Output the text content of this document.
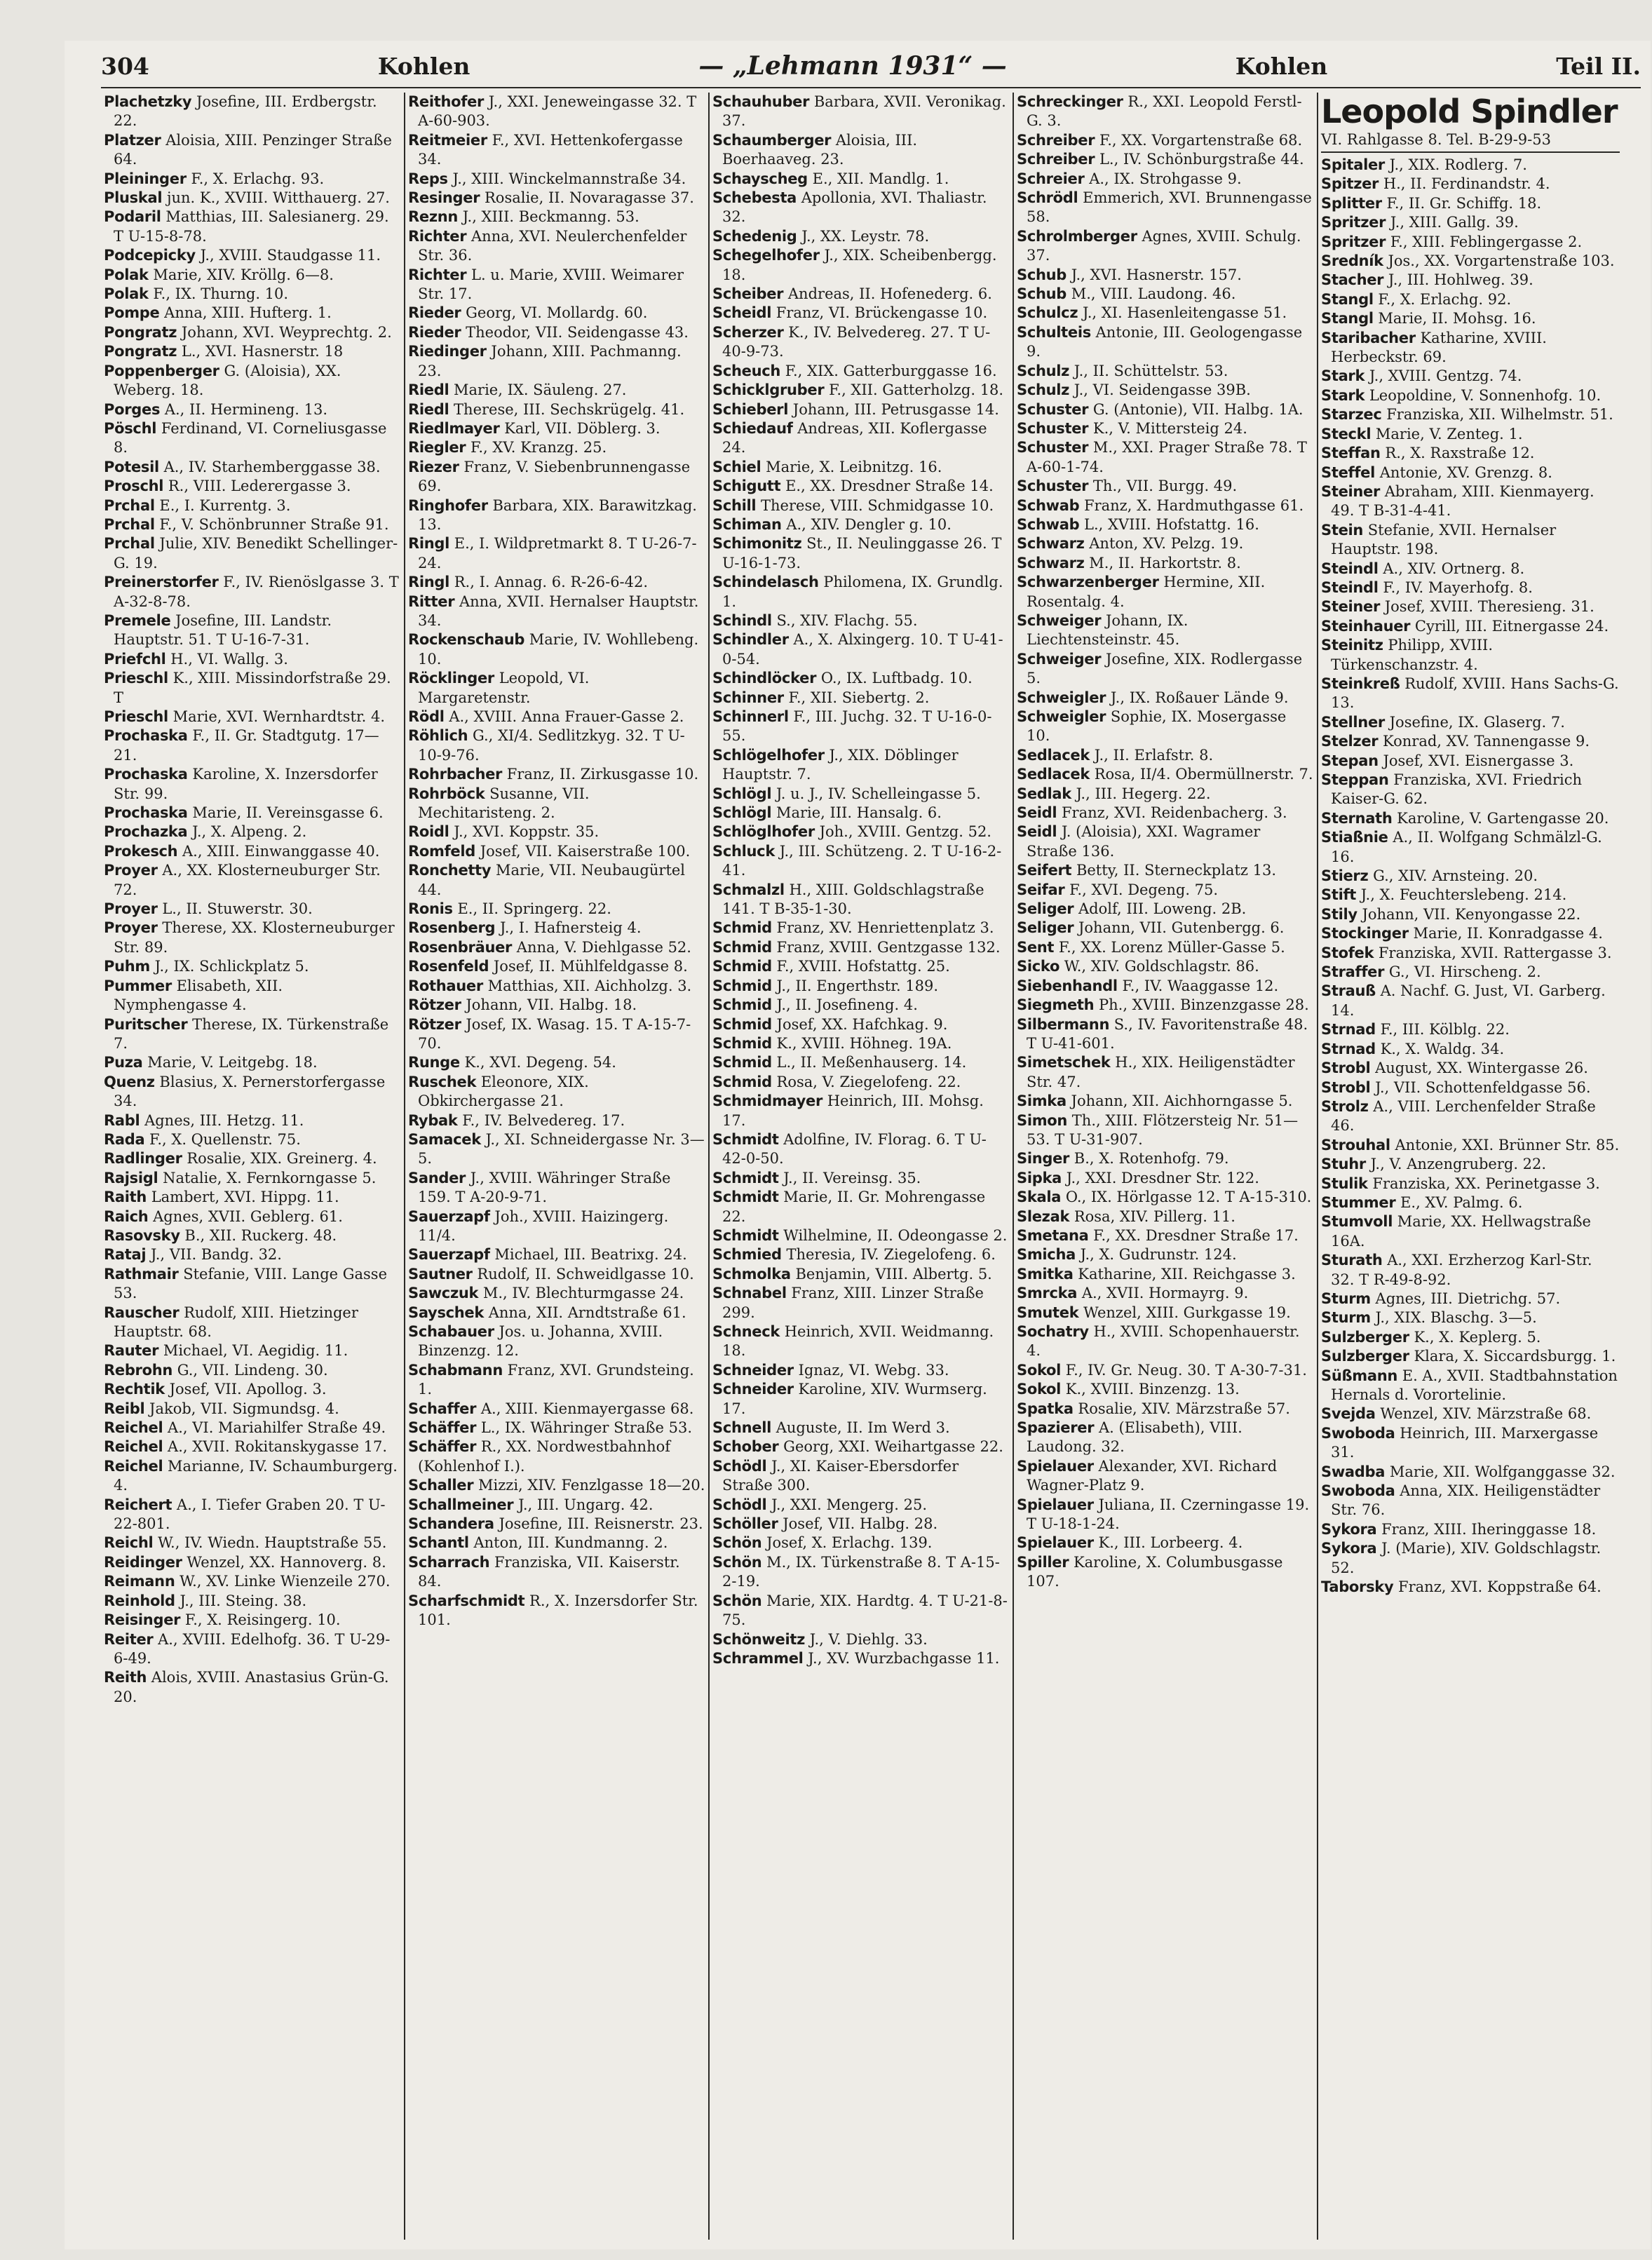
304	Kohlen	— „Lehmann 1931“ —	Kohlen	Teil II.

Plachetzky Josefine, III. Erdbergstr. 22.

Platzer Aloisia, XIII. Penzinger Straße 64.

Pleininger F., X. Erlachg. 93.

Pluskal jun. K., XVIII. Witthauerg. 27.

Podaril Matthias, III. Salesianerg. 29. T U-15-8-78.

Podcepicky J., XVIII. Staudgasse 11.

Polak Marie, XIV. Kröllg. 6—8.

Polak F., IX. Thurng. 10.

Pompe Anna, XIII. Hufterg. 1.

Pongratz Johann, XVI. Weyprechtg. 2.

Pongratz L., XVI. Hasnerstr. 18

Poppenberger G. (Aloisia), XX. Weberg. 18.

Porges A., II. Hermineng. 13.

Pöschl Ferdinand, VI. Corneliusgasse 8.

Potesil A., IV. Starhemberggasse 38.

Proschl R., VIII. Lederergasse 3.

Prchal E., I. Kurrentg. 3.

Prchal F., V. Schönbrunner Straße 91.

Prchal Julie, XIV. Benedikt Schellinger-G. 19.

Preinerstorfer F., IV. Rienöslgasse 3. T A-32-8-78.

Premele Josefine, III. Landstr. Hauptstr. 51. T U-16-7-31.

Priefchl H., VI. Wallg. 3.

Prieschl K., XIII. Missindorfstraße 29. T

Prieschl Marie, XVI. Wernhardtstr. 4.

Prochaska F., II. Gr. Stadtgutg. 17—21.

Prochaska Karoline, X. Inzersdorfer Str. 99.

Prochaska Marie, II. Vereinsgasse 6.

Prochazka J., X. Alpeng. 2.

Prokesch A., XIII. Einwanggasse 40.

Proyer A., XX. Klosterneuburger Str. 72.

Proyer L., II. Stuwerstr. 30.

Proyer Therese, XX. Klosterneuburger Str. 89.

Puhm J., IX. Schlickplatz 5.

Pummer Elisabeth, XII. Nymphengasse 4.

Puritscher Therese, IX. Türkenstraße 7.

Puza Marie, V. Leitgebg. 18.

Quenz Blasius, X. Pernerstorfergasse 34.

Rabl Agnes, III. Hetzg. 11.

Rada F., X. Quellenstr. 75.

Radlinger Rosalie, XIX. Greinerg. 4.

Rajsigl Natalie, X. Fernkorngasse 5.

Raith Lambert, XVI. Hippg. 11.

Raich Agnes, XVII. Geblerg. 61.

Rasovsky B., XII. Ruckerg. 48.

Rataj J., VII. Bandg. 32.

Rathmair Stefanie, VIII. Lange Gasse 53.

Rauscher Rudolf, XIII. Hietzinger Hauptstr. 68.

Rauter Michael, VI. Aegidig. 11.

Rebrohn G., VII. Lindeng. 30.

Rechtik Josef, VII. Apollog. 3.

Reibl Jakob, VII. Sigmundsg. 4.

Reichel A., VI. Mariahilfer Straße 49.

Reichel A., XVII. Rokitanskygasse 17.

Reichel Marianne, IV. Schaumburgerg. 4.

Reichert A., I. Tiefer Graben 20. T U-22-801.

Reichl W., IV. Wiedn. Hauptstraße 55.

Reidinger Wenzel, XX. Hannoverg. 8.

Reimann W., XV. Linke Wienzeile 270.

Reinhold J., III. Steing. 38.

Reisinger F., X. Reisingerg. 10.

Reiter A., XVIII. Edelhofg. 36. T U-29-6-49.

Reith Alois, XVIII. Anastasius Grün-G. 20.

Reithofer J., XXI. Jeneweingasse 32. T A-60-903.

Reitmeier F., XVI. Hettenkofergasse 34.

Reps J., XIII. Winckelmannstraße 34.

Resinger Rosalie, II. Novaragasse 37.

Reznn J., XIII. Beckmanng. 53.

Richter Anna, XVI. Neulerchenfelder Str. 36.

Richter L. u. Marie, XVIII. Weimarer Str. 17.

Rieder Georg, VI. Mollardg. 60.

Rieder Theodor, VII. Seidengasse 43.

Riedinger Johann, XIII. Pachmanng. 23.

Riedl Marie, IX. Säuleng. 27.

Riedl Therese, III. Sechskrügelg. 41.

Riedlmayer Karl, VII. Döblerg. 3.

Riegler F., XV. Kranzg. 25.

Riezer Franz, V. Siebenbrunnengasse 69.

Ringhofer Barbara, XIX. Barawitzkag. 13.

Ringl E., I. Wildpretmarkt 8. T U-26-7-24.

Ringl R., I. Annag. 6. R-26-6-42.

Ritter Anna, XVII. Hernalser Hauptstr. 34.

Rockenschaub Marie, IV. Wohllebeng. 10.

Röcklinger Leopold, VI. Margaretenstr.

Rödl A., XVIII. Anna Frauer-Gasse 2.

Röhlich G., XI/4. Sedlitzkyg. 32. T U-10-9-76.

Rohrbacher Franz, II. Zirkusgasse 10.

Rohrböck Susanne, VII. Mechitaristeng. 2.

Roidl J., XVI. Koppstr. 35.

Romfeld Josef, VII. Kaiserstraße 100.

Ronchetty Marie, VII. Neubaugürtel 44.

Ronis E., II. Springerg. 22.

Rosenberg J., I. Hafnersteig 4.

Rosenbräuer Anna, V. Diehlgasse 52.

Rosenfeld Josef, II. Mühlfeldgasse 8.

Rothauer Matthias, XII. Aichholzg. 3.

Rötzer Johann, VII. Halbg. 18.

Rötzer Josef, IX. Wasag. 15. T A-15-7-70.

Runge K., XVI. Degeng. 54.

Ruschek Eleonore, XIX. Obkirchergasse 21.

Rybak F., IV. Belvedereg. 17.

Samacek J., XI. Schneidergasse Nr. 3—5.

Sander J., XVIII. Währinger Straße 159. T A-20-9-71.

Sauerzapf Joh., XVIII. Haizingerg. 11/4.

Sauerzapf Michael, III. Beatrixg. 24.

Sautner Rudolf, II. Schweidlgasse 10.

Sawczuk M., IV. Blechturmgasse 24.

Sayschek Anna, XII. Arndtstraße 61.

Schabauer Jos. u. Johanna, XVIII. Binzenzg. 12.

Schabmann Franz, XVI. Grundsteing. 1.

Schaffer A., XIII. Kienmayergasse 68.

Schäffer L., IX. Währinger Straße 53.

Schäffer R., XX. Nordwestbahnhof (Kohlenhof I.).

Schaller Mizzi, XIV. Fenzlgasse 18—20.

Schallmeiner J., III. Ungarg. 42.

Schandera Josefine, III. Reisnerstr. 23.

Schantl Anton, III. Kundmanng. 2.

Scharrach Franziska, VII. Kaiserstr. 84.

Scharfschmidt R., X. Inzersdorfer Str. 101.

Schauhuber Barbara, XVII. Veronikag. 37.

Schaumberger Aloisia, III. Boerhaaveg. 23.

Schayscheg E., XII. Mandlg. 1.

Schebesta Apollonia, XVI. Thaliastr. 32.

Schedenig J., XX. Leystr. 78.

Schegelhofer J., XIX. Scheibenbergg. 18.

Scheiber Andreas, II. Hofenederg. 6.

Scheidl Franz, VI. Brückengasse 10.

Scherzer K., IV. Belvedereg. 27. T U-40-9-73.

Scheuch F., XIX. Gatterburggasse 16.

Schicklgruber F., XII. Gatterholzg. 18.

Schieberl Johann, III. Petrusgasse 14.

Schiedauf Andreas, XII. Koflergasse 24.

Schiel Marie, X. Leibnitzg. 16.

Schigutt E., XX. Dresdner Straße 14.

Schill Therese, VIII. Schmidgasse 10.

Schiman A., XIV. Dengler g. 10.

Schimonitz St., II. Neulinggasse 26. T U-16-1-73.

Schindelasch Philomena, IX. Grundlg. 1.

Schindl S., XIV. Flachg. 55.

Schindler A., X. Alxingerg. 10. T U-41-0-54.

Schindlöcker O., IX. Luftbadg. 10.

Schinner F., XII. Siebertg. 2.

Schinnerl F., III. Juchg. 32. T U-16-0-55.

Schlögelhofer J., XIX. Döblinger Hauptstr. 7.

Schlögl J. u. J., IV. Schelleingasse 5.

Schlögl Marie, III. Hansalg. 6.

Schlöglhofer Joh., XVIII. Gentzg. 52.

Schluck J., III. Schützeng. 2. T U-16-2-41.

Schmalzl H., XIII. Goldschlagstraße 141. T B-35-1-30.

Schmid Franz, XV. Henriettenplatz 3.

Schmid Franz, XVIII. Gentzgasse 132.

Schmid F., XVIII. Hofstattg. 25.

Schmid J., II. Engerthstr. 189.

Schmid J., II. Josefineng. 4.

Schmid Josef, XX. Hafchkag. 9.

Schmid K., XVIII. Höhneg. 19A.

Schmid L., II. Meßenhauserg. 14.

Schmid Rosa, V. Ziegelofeng. 22.

Schmidmayer Heinrich, III. Mohsg. 17.

Schmidt Adolfine, IV. Florag. 6. T U-42-0-50.

Schmidt J., II. Vereinsg. 35.

Schmidt Marie, II. Gr. Mohrengasse 22.

Schmidt Wilhelmine, II. Odeongasse 2.

Schmied Theresia, IV. Ziegelofeng. 6.

Schmolka Benjamin, VIII. Albertg. 5.

Schnabel Franz, XIII. Linzer Straße 299.

Schneck Heinrich, XVII. Weidmanng. 18.

Schneider Ignaz, VI. Webg. 33.

Schneider Karoline, XIV. Wurmserg. 17.

Schnell Auguste, II. Im Werd 3.

Schober Georg, XXI. Weihartgasse 22.

Schödl J., XI. Kaiser-Ebersdorfer Straße 300.

Schödl J., XXI. Mengerg. 25.

Schöller Josef, VII. Halbg. 28.

Schön Josef, X. Erlachg. 139.

Schön M., IX. Türkenstraße 8. T A-15-2-19.

Schön Marie, XIX. Hardtg. 4. T U-21-8-75.

Schönweitz J., V. Diehlg. 33.

Schrammel J., XV. Wurzbachgasse 11.

Schreckinger R., XXI. Leopold Ferstl-G. 3.

Schreiber F., XX. Vorgartenstraße 68.

Schreiber L., IV. Schönburgstraße 44.

Schreier A., IX. Strohgasse 9.

Schrödl Emmerich, XVI. Brunnengasse 58.

Schrolmberger Agnes, XVIII. Schulg. 37.

Schub J., XVI. Hasnerstr. 157.

Schub M., VIII. Laudong. 46.

Schulcz J., XI. Hasenleitengasse 51.

Schulteis Antonie, III. Geologengasse 9.

Schulz J., II. Schüttelstr. 53.

Schulz J., VI. Seidengasse 39B.

Schuster G. (Antonie), VII. Halbg. 1A.

Schuster K., V. Mittersteig 24.

Schuster M., XXI. Prager Straße 78. T A-60-1-74.

Schuster Th., VII. Burgg. 49.

Schwab Franz, X. Hardmuthgasse 61.

Schwab L., XVIII. Hofstattg. 16.

Schwarz Anton, XV. Pelzg. 19.

Schwarz M., II. Harkortstr. 8.

Schwarzenberger Hermine, XII. Rosentalg. 4.

Schweiger Johann, IX. Liechtensteinstr. 45.

Schweiger Josefine, XIX. Rodlergasse 5.

Schweigler J., IX. Roßauer Lände 9.

Schweigler Sophie, IX. Mosergasse 10.

Sedlacek J., II. Erlafstr. 8.

Sedlacek Rosa, II/4. Obermüllnerstr. 7.

Sedlak J., III. Hegerg. 22.

Seidl Franz, XVI. Reidenbacherg. 3.

Seidl J. (Aloisia), XXI. Wagramer Straße 136.

Seifert Betty, II. Sterneckplatz 13.

Seifar F., XVI. Degeng. 75.

Seliger Adolf, III. Loweng. 2B.

Seliger Johann, VII. Gutenbergg. 6.

Sent F., XX. Lorenz Müller-Gasse 5.

Sicko W., XIV. Goldschlagstr. 86.

Siebenhandl F., IV. Waaggasse 12.

Siegmeth Ph., XVIII. Binzenzgasse 28.

Silbermann S., IV. Favoritenstraße 48. T U-41-601.

Simetschek H., XIX. Heiligenstädter Str. 47.

Simka Johann, XII. Aichhorngasse 5.

Simon Th., XIII. Flötzersteig Nr. 51—53. T U-31-907.

Singer B., X. Rotenhofg. 79.

Sipka J., XXI. Dresdner Str. 122.

Skala O., IX. Hörlgasse 12. T A-15-310.

Slezak Rosa, XIV. Pillerg. 11.

Smetana F., XX. Dresdner Straße 17.

Smicha J., X. Gudrunstr. 124.

Smitka Katharine, XII. Reichgasse 3.

Smrcka A., XVII. Hormayrg. 9.

Smutek Wenzel, XIII. Gurkgasse 19.

Sochatry H., XVIII. Schopenhauerstr. 4.

Sokol F., IV. Gr. Neug. 30. T A-30-7-31.

Sokol K., XVIII. Binzenzg. 13.

Spatka Rosalie, XIV. Märzstraße 57.

Spazierer A. (Elisabeth), VIII. Laudong. 32.

Spielauer Alexander, XVI. Richard Wagner-Platz 9.

Spielauer Juliana, II. Czerningasse 19. T U-18-1-24.

Spielauer K., III. Lorbeerg. 4.

Spiller Karoline, X. Columbusgasse 107.

Leopold Spindler
VI. Rahlgasse 8. Tel. B-29-9-53

Spitaler J., XIX. Rodlerg. 7.

Spitzer H., II. Ferdinandstr. 4.

Splitter F., II. Gr. Schiffg. 18.

Spritzer J., XIII. Gallg. 39.

Spritzer F., XIII. Feblingergasse 2.

Sredník Jos., XX. Vorgartenstraße 103.

Stacher J., III. Hohlweg. 39.

Stangl F., X. Erlachg. 92.

Stangl Marie, II. Mohsg. 16.

Staribacher Katharine, XVIII. Herbeckstr. 69.

Stark J., XVIII. Gentzg. 74.

Stark Leopoldine, V. Sonnenhofg. 10.

Starzec Franziska, XII. Wilhelmstr. 51.

Steckl Marie, V. Zenteg. 1.

Steffan R., X. Raxstraße 12.

Steffel Antonie, XV. Grenzg. 8.

Steiner Abraham, XIII. Kienmayerg. 49. T B-31-4-41.

Stein Stefanie, XVII. Hernalser Hauptstr. 198.

Steindl A., XIV. Ortnerg. 8.

Steindl F., IV. Mayerhofg. 8.

Steiner Josef, XVIII. Theresieng. 31.

Steinhauer Cyrill, III. Eitnergasse 24.

Steinitz Philipp, XVIII. Türkenschanzstr. 4.

Steinkreß Rudolf, XVIII. Hans Sachs-G. 13.

Stellner Josefine, IX. Glaserg. 7.

Stelzer Konrad, XV. Tannengasse 9.

Stepan Josef, XVI. Eisnergasse 3.

Steppan Franziska, XVI. Friedrich Kaiser-G. 62.

Sternath Karoline, V. Gartengasse 20.

Stiaßnie A., II. Wolfgang Schmälzl-G. 16.

Stierz G., XIV. Arnsteing. 20.

Stift J., X. Feuchterslebeng. 214.

Stily Johann, VII. Kenyongasse 22.

Stockinger Marie, II. Konradgasse 4.

Stofek Franziska, XVII. Rattergasse 3.

Straffer G., VI. Hirscheng. 2.

Strauß A. Nachf. G. Just, VI. Garberg. 14.

Strnad F., III. Kölblg. 22.

Strnad K., X. Waldg. 34.

Strobl August, XX. Wintergasse 26.

Strobl J., VII. Schottenfeldgasse 56.

Strolz A., VIII. Lerchenfelder Straße 46.

Strouhal Antonie, XXI. Brünner Str. 85.

Stuhr J., V. Anzengruberg. 22.

Stulik Franziska, XX. Perinetgasse 3.

Stummer E., XV. Palmg. 6.

Stumvoll Marie, XX. Hellwagstraße 16A.

Sturath A., XXI. Erzherzog Karl-Str. 32. T R-49-8-92.

Sturm Agnes, III. Dietrichg. 57.

Sturm J., XIX. Blaschg. 3—5.

Sulzberger K., X. Keplerg. 5.

Sulzberger Klara, X. Siccardsburgg. 1.

Süßmann E. A., XVII. Stadtbahnstation Hernals d. Vorortelinie.

Svejda Wenzel, XIV. Märzstraße 68.

Swoboda Heinrich, III. Marxergasse 31.

Swadba Marie, XII. Wolfganggasse 32.

Swoboda Anna, XIX. Heiligenstädter Str. 76.

Sykora Franz, XIII. Iheringgasse 18.

Sykora J. (Marie), XIV. Goldschlagstr. 52.

Taborsky Franz, XVI. Koppstraße 64.
